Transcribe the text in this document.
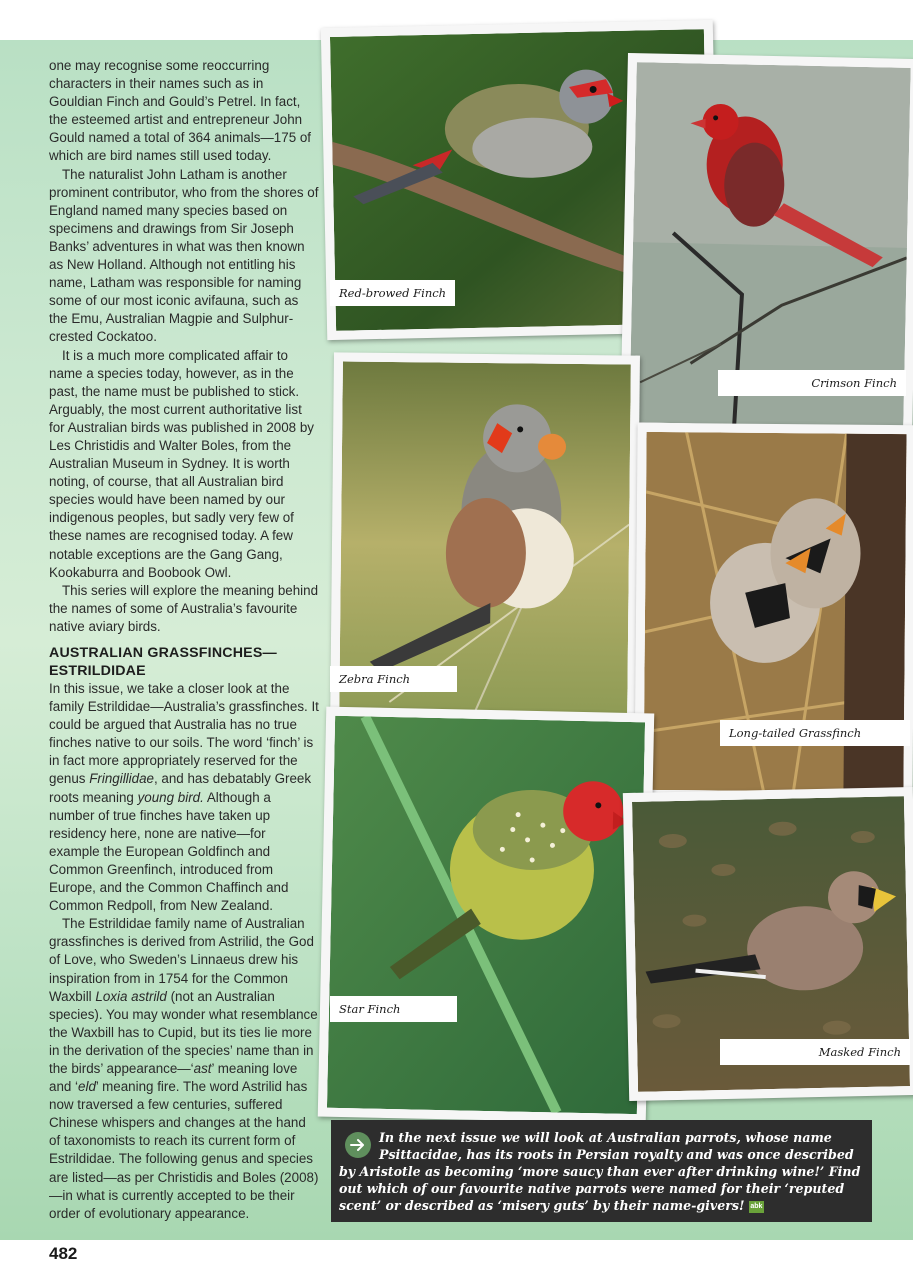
one may recognise some reoccurring characters in their names such as in Gouldian Finch and Gould’s Petrel. In fact, the esteemed artist and entrepreneur John Gould named a total of 364 animals—175 of which are bird names still used today.

The naturalist John Latham is another prominent contributor, who from the shores of England named many species based on specimens and drawings from Sir Joseph Banks’ adventures in what was then known as New Holland. Although not entitling his name, Latham was responsible for naming some of our most iconic avifauna, such as the Emu, Australian Magpie and Sulphur-crested Cockatoo.

It is a much more complicated affair to name a species today, however, as in the past, the name must be published to stick. Arguably, the most current authoritative list for Australian birds was published in 2008 by Les Christidis and Walter Boles, from the Australian Museum in Sydney. It is worth noting, of course, that all Australian bird species would have been named by our indigenous peoples, but sadly very few of these names are recognised today. A few notable exceptions are the Gang Gang, Kookaburra and Boobook Owl.

This series will explore the meaning behind the names of some of Australia’s favourite native aviary birds.

AUSTRALIAN GRASSFINCHES—ESTRILDIDAE

In this issue, we take a closer look at the family Estrildidae—Australia’s grassfinches. It could be argued that Australia has no true finches native to our soils. The word ‘finch’ is in fact more appropriately reserved for the genus Fringillidae, and has debatably Greek roots meaning young bird. Although a number of true finches have taken up residency here, none are native—for example the European Goldfinch and Common Greenfinch, introduced from Europe, and the Common Chaffinch and Common Redpoll, from New Zealand.

The Estrildidae family name of Australian grassfinches is derived from Astrilid, the God of Love, who Sweden’s Linnaeus drew his inspiration from in 1754 for the Common Waxbill Loxia astrild (not an Australian species). You may wonder what resemblance the Waxbill has to Cupid, but its ties lie more in the derivation of the species’ name than in the birds’ appearance—‘ast’ meaning love and ‘eld’ meaning fire. The word Astrilid has now traversed a few centuries, suffered Chinese whispers and changes at the hand of taxonomists to reach its current form of Estrildidae. The following genus and species are listed—as per Christidis and Boles (2008)—in what is currently accepted to be their order of evolutionary appearance.

Red-browed Finch
Crimson Finch
Zebra Finch
Long-tailed Grassfinch
Star Finch
Masked Finch
In the next issue we will look at Australian parrots, whose name Psittacidae, has its roots in Persian royalty and was once described by Aristotle as becoming ‘more saucy than ever after drinking wine!’ Find out which of our favourite native parrots were named for their ‘reputed scent’ or described as ‘misery guts’ by their name-givers! abk
482
